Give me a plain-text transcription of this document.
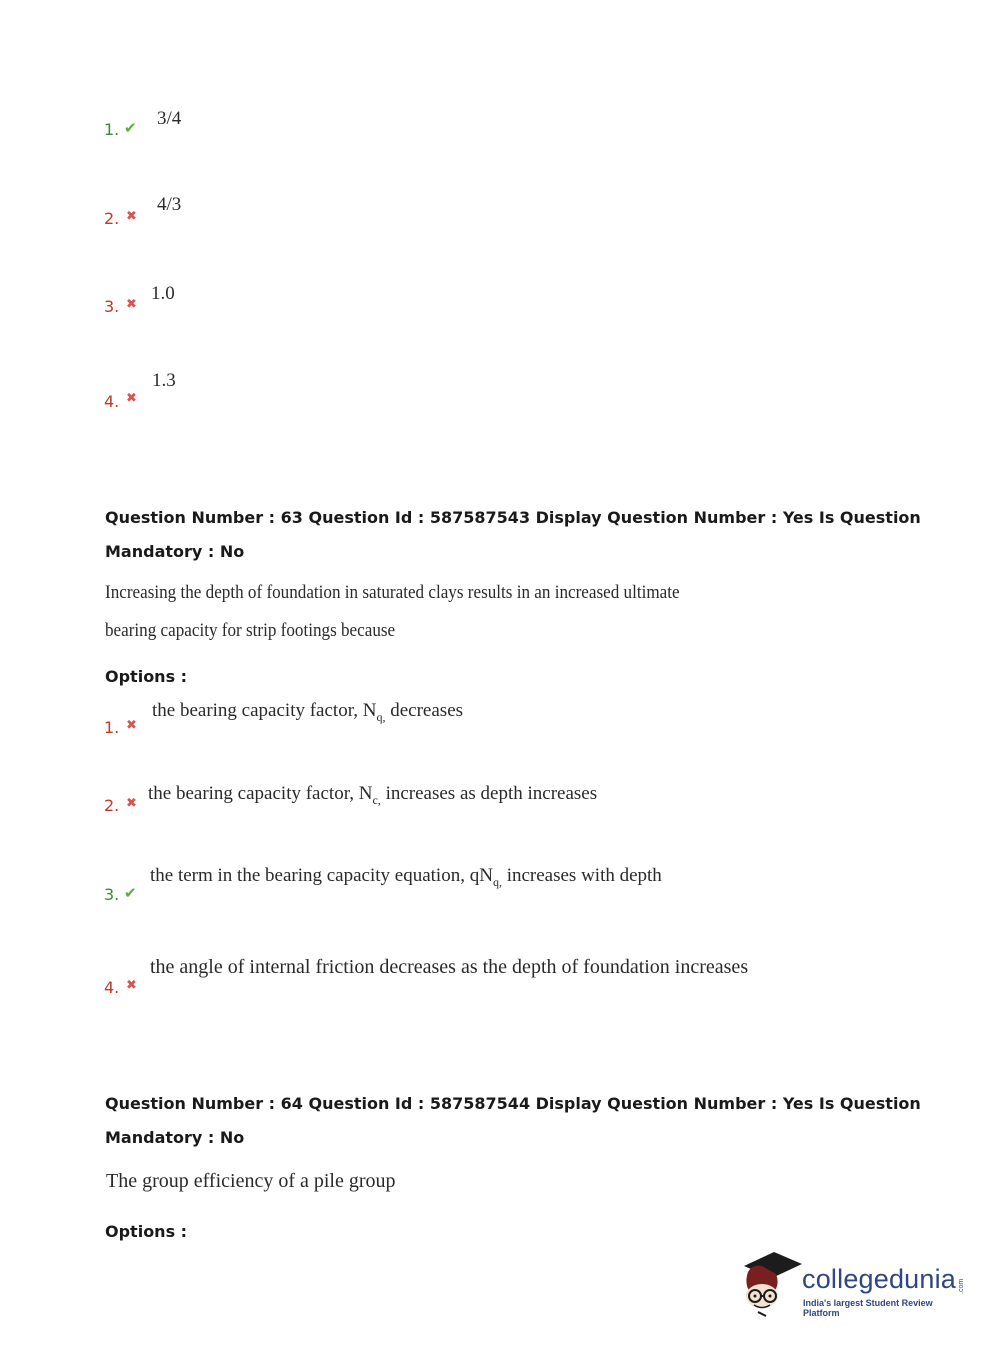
1. ✔ 3/4
2. ✖
4/3
3. ✖
1.0
4. ✖
1.3
Question Number : 63 Question Id : 587587543 Display Question Number : Yes Is Question
Mandatory : No
Increasing the depth of foundation in saturated clays results in an increased ultimate
bearing capacity for strip footings because
Options :
1. ✖
the bearing capacity factor, $N_{q,}$ decreases
2. ✖ the bearing capacity factor, $N_{c,}$ increases as depth increases
3. ✔
the term in the bearing capacity equation, $qN_{q,}$ increases with depth
4. ✖
the angle of internal friction decreases as the depth of foundation increases
Question Number : 64 Question Id : 587587544 Display Question Number : Yes Is Question
Mandatory : No
The group efficiency of a pile group
Options :
collegedunia .com
India's largest Student Review Platform
